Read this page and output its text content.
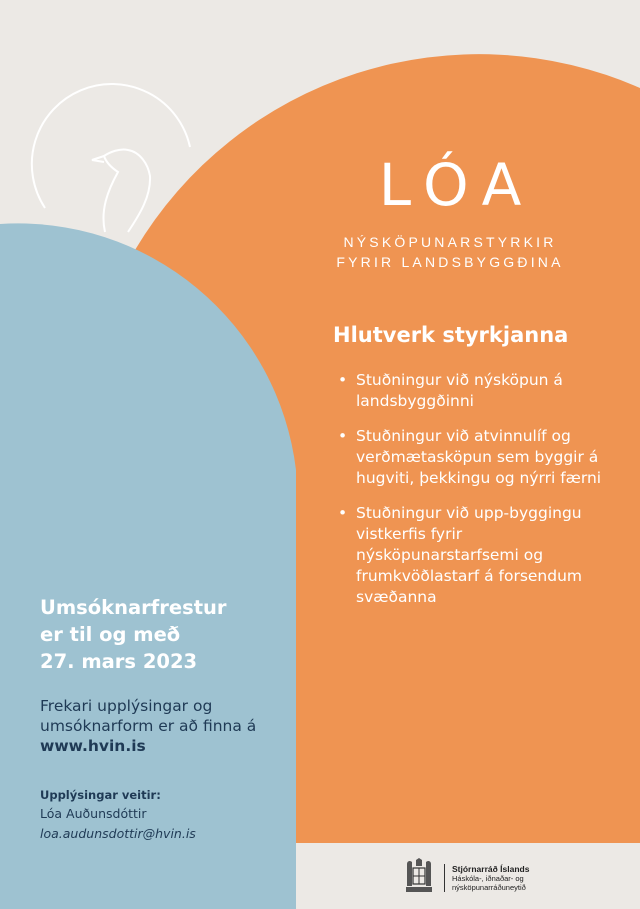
LÓA
NÝSKÖPUNARSTYRKIR
FYRIR LANDSBYGGÐINA
Hlutverk styrkjanna
• Stuðningur við nýsköpun á landsbyggðinni
• Stuðningur við atvinnulíf og verðmætasköpun sem byggir á hugviti, þekkingu og nýrri færni
• Stuðningur við upp-byggingu vistkerfis fyrir nýsköpunarstarfsemi og frumkvöðlastarf á forsendum svæðanna
Umsóknarfrestur
er til og með
27. mars 2023

Frekari upplýsingar og umsóknarform er að finna á www.hvin.is

Upplýsingar veitir:
Lóa Auðunsdóttir
loa.audunsdottir@hvin.is
Stjórnarráð Íslands
Háskóla-, iðnaðar- og
nýsköpunarráðuneytið
